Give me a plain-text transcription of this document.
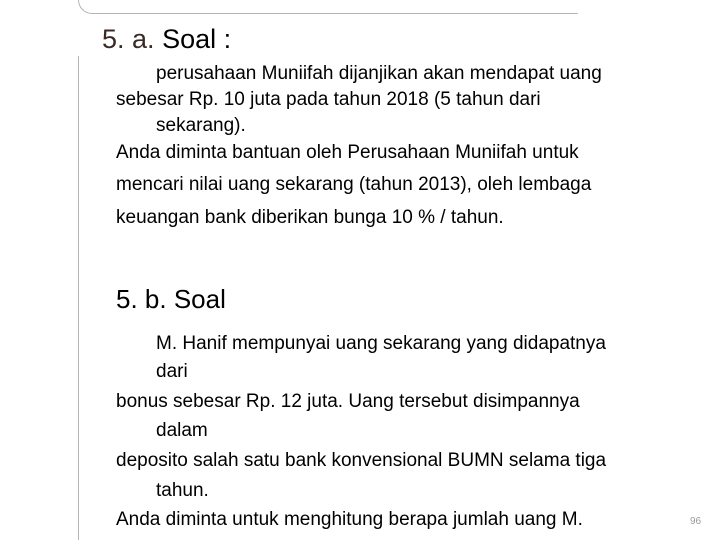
5. a. Soal :

perusahaan Muniifah dijanjikan akan mendapat uang

sebesar Rp. 10 juta pada tahun 2018 (5 tahun dari

sekarang).

Anda diminta bantuan oleh Perusahaan Muniifah untuk

mencari nilai uang sekarang (tahun 2013), oleh lembaga

keuangan bank diberikan bunga 10 % / tahun.

5. b. Soal

M. Hanif mempunyai uang sekarang yang didapatnya

dari

bonus sebesar Rp. 12 juta. Uang tersebut disimpannya

dalam

deposito salah satu bank konvensional BUMN selama tiga

tahun.

Anda diminta untuk menghitung berapa jumlah uang M.	96
